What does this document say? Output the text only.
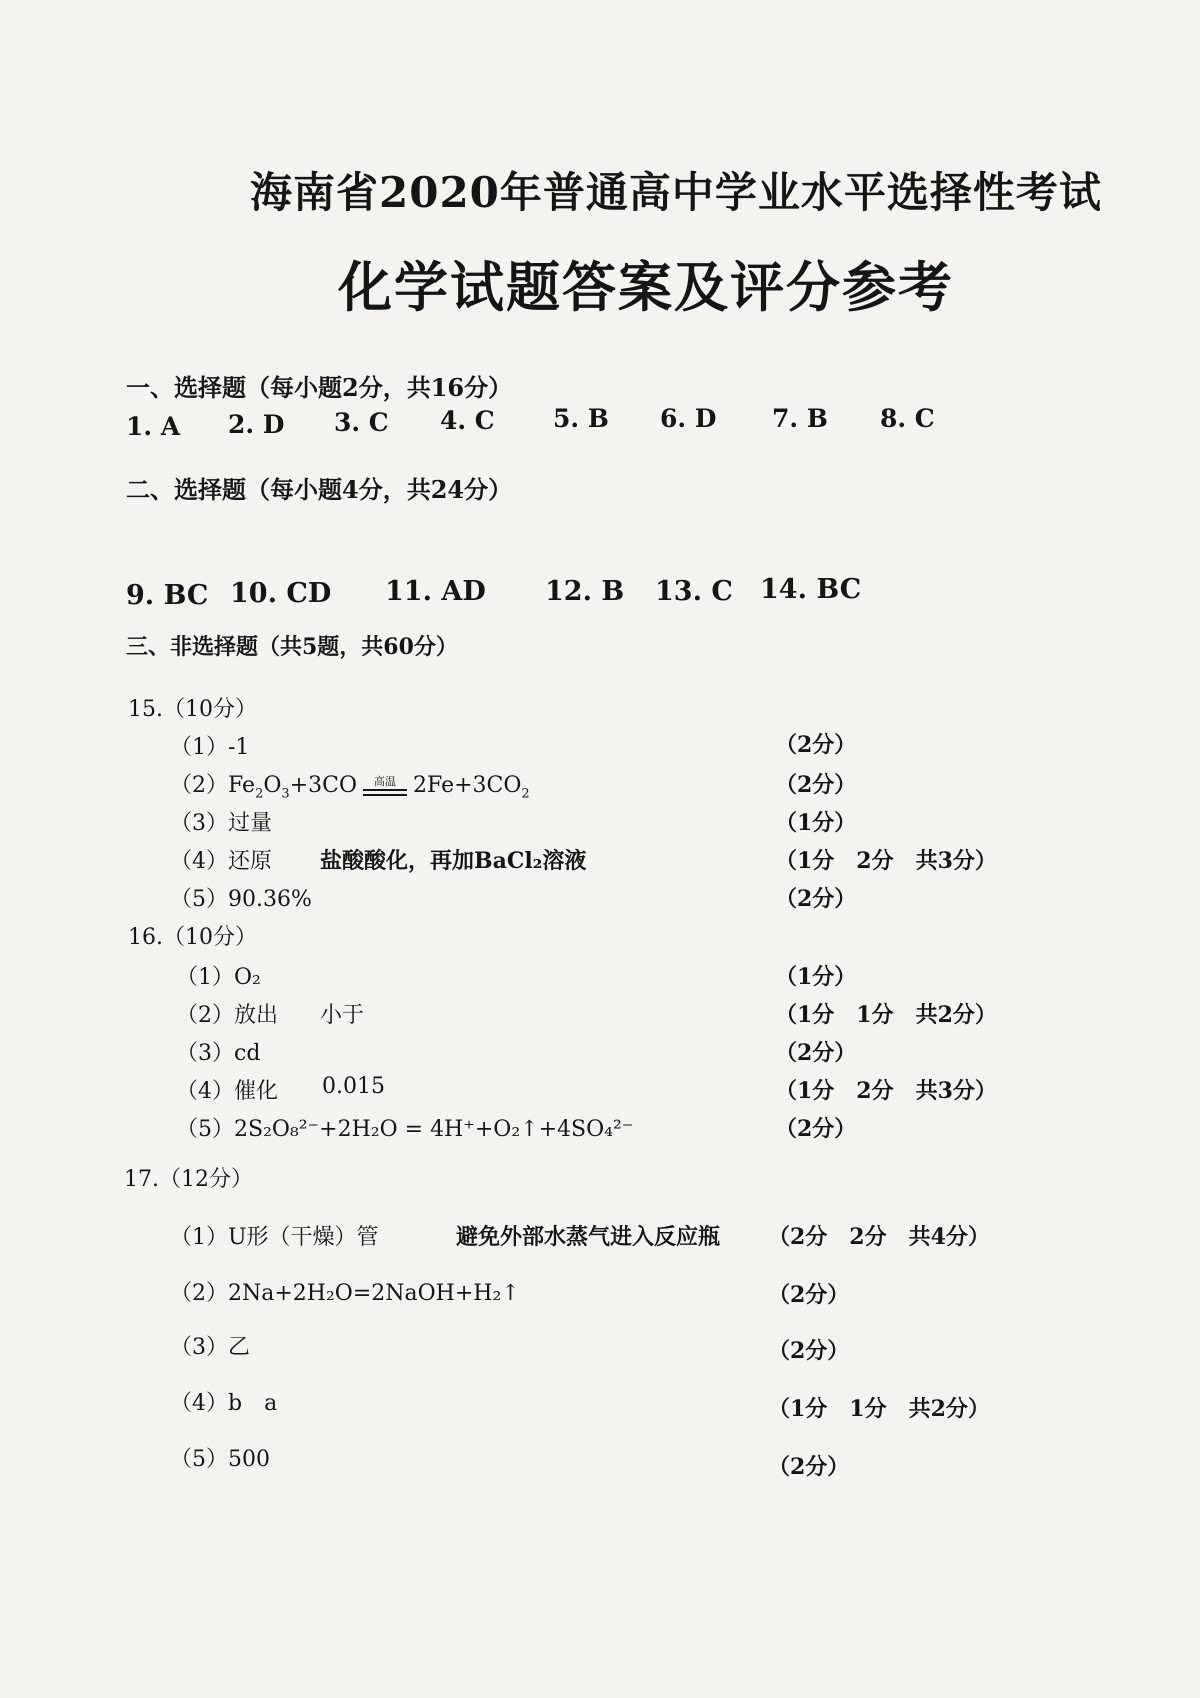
海南省2020年普通高中学业水平选择性考试
化学试题答案及评分参考
一、选择题（每小题2分，共16分）
1. A 2. D 3. C 4. C 5. B 6. D 7. B 8. C
二、选择题（每小题4分，共24分）
9. BC 10. CD 11. AD 12. B 13. C 14. BC
三、非选择题（共5题，共60分）
15.（10分）
（1）-1	（2分）
$(2)Fe_2O_3+3CO$	高温 $2Fe+3CO_2$	（2分）
（3）过量	（1分）
（4）还原 盐酸酸化，再加BaCl₂溶液	（1分　2分　共3分）
（5）90.36%	（2分）
16.（10分）
（1）O₂	（1分）
（2）放出 小于	（1分　1分　共2分）
（3）cd	（2分）
（4）催化 0.015	（1分　2分　共3分）
（5）2S₂O₈²⁻+2H₂O = 4H⁺+O₂↑+4SO₄²⁻	（2分）
17.（12分）
（1）U形（干燥）管	避免外部水蒸气进入反应瓶 （2分　2分　共4分）
（2）2Na+2H₂O=2NaOH+H₂↑	（2分）
（3）乙	（2分）
（4）b　a	（1分　1分　共2分）
（5）500	（2分）
